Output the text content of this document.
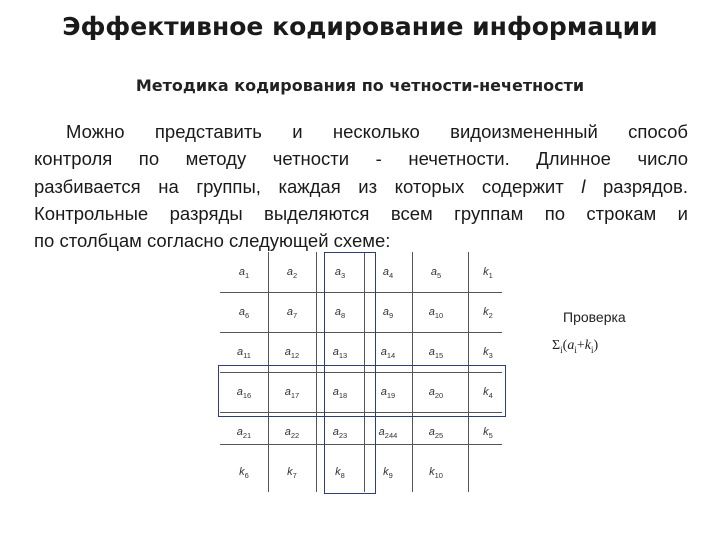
Эффективное кодирование информации
Методика кодирования по четности-нечетности
Можно представить и несколько видоизмененный способ
контроля по методу четности - нечетности. Длинное число
разбивается на группы, каждая из которых содержит l разрядов.
Контрольные разряды выделяются всем группам по строкам и
по столбцам согласно следующей схеме:
$a_1$	$a_2$	$a_3$	$a_4$	$a_5$	$k_1$
$a_6$	$a_7$	$a_8$	$a_9$	$a_{10}$	$k_2$
$a_{11}$	$a_{12}$	$a_{13}$	$a_{14}$	$a_{15}$	$k_3$
$a_{16}$	$a_{17}$	$a_{18}$	$a_{19}$	$a_{20}$	$k_4$
$a_{21}$	$a_{22}$	$a_{23}$	$a_{244}$	$a_{25}$	$k_5$
$k_6$	$k_7$	$k_8$	$k_9$	$k_{10}$
Проверка
$\Sigma_i(a_i+k_i)$
